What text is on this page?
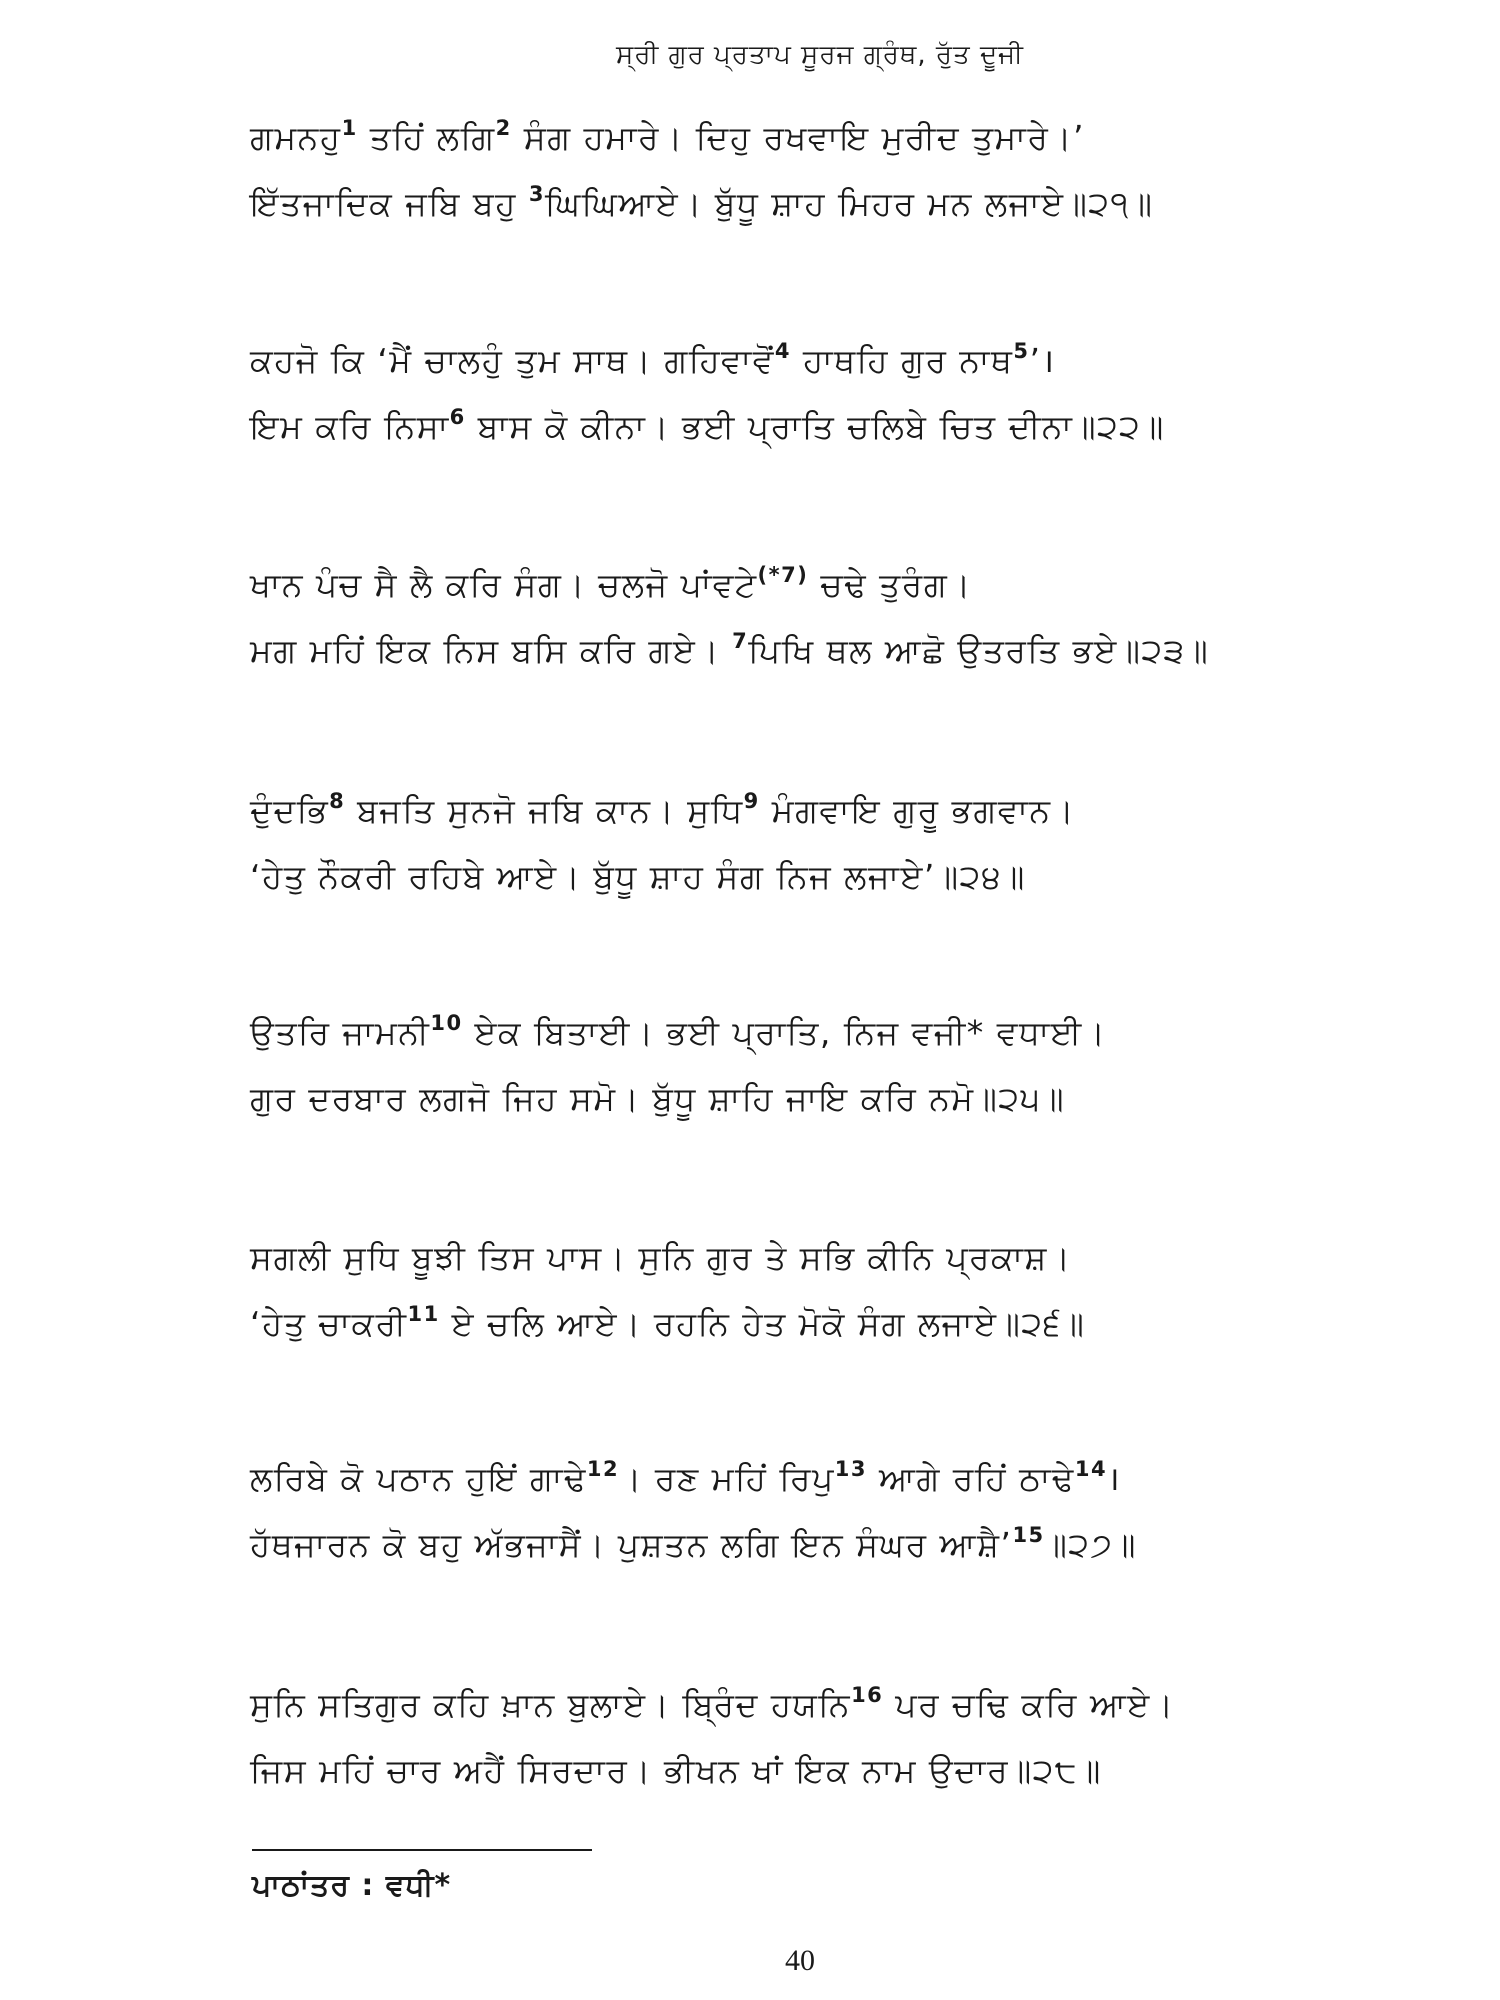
ਸ੍ਰੀ ਗੁਰ ਪ੍ਰਤਾਪ ਸੂਰਜ ਗ੍ਰੰਥ, ਰੁੱਤ ਦੂਜੀ
ਗਮਨਹੁ$^1$ ਤਹਿਂ ਲਗਿ$^2$ ਸੰਗ ਹਮਾਰੇ। ਦਿਹੁ ਰਖਵਾਇ ਮੁਰੀਦ ਤੁਮਾਰੇ।’
ਇੱਤਜਾਦਿਕ ਜਬਿ ਬਹੁ $^3$ਘਿਘਿਆਏ। ਬੁੱਧੂ ਸ਼ਾਹ ਮਿਹਰ ਮਨ ਲਜਾਏ॥੨੧॥
ਕਹਜੋ ਕਿ ‘ਮੈਂ ਚਾਲਹੁੰ ਤੁਮ ਸਾਥ। ਗਹਿਵਾਵੋਂ$^4$ ਹਾਥਹਿ ਗੁਰ ਨਾਥ$^5$’।
ਇਮ ਕਰਿ ਨਿਸਾ$^6$ ਬਾਸ ਕੋ ਕੀਨਾ। ਭਈ ਪ੍ਰਾਤਿ ਚਲਿਬੇ ਚਿਤ ਦੀਨਾ॥੨੨॥
ਖਾਨ ਪੰਚ ਸੈ ਲੈ ਕਰਿ ਸੰਗ। ਚਲਜੋ ਪਾਂਵਟੇ$^{(*7)}$ ਚਢੇ ਤੁਰੰਗ।
ਮਗ ਮਹਿਂ ਇਕ ਨਿਸ ਬਸਿ ਕਰਿ ਗਏ। $^7$ਪਿਖਿ ਥਲ ਆਛੋ ਉਤਰਤਿ ਭਏ॥੨੩॥
ਦੁੰਦਭਿ$^8$ ਬਜਤਿ ਸੁਨਜੋ ਜਬਿ ਕਾਨ। ਸੁਧਿ$^9$ ਮੰਗਵਾਇ ਗੁਰੂ ਭਗਵਾਨ।
‘ਹੇਤੁ ਨੌਕਰੀ ਰਹਿਬੇ ਆਏ। ਬੁੱਧੂ ਸ਼ਾਹ ਸੰਗ ਨਿਜ ਲਜਾਏ’॥੨੪॥
ਉਤਰਿ ਜਾਮਨੀ$^{10}$ ਏਕ ਬਿਤਾਈ। ਭਈ ਪ੍ਰਾਤਿ, ਨਿਜ ਵਜੀ* ਵਧਾਈ।
ਗੁਰ ਦਰਬਾਰ ਲਗਜੋ ਜਿਹ ਸਮੋ। ਬੁੱਧੂ ਸ਼ਾਹਿ ਜਾਇ ਕਰਿ ਨਮੋ॥੨੫॥
ਸਗਲੀ ਸੁਧਿ ਬੂਝੀ ਤਿਸ ਪਾਸ। ਸੁਨਿ ਗੁਰ ਤੇ ਸਭਿ ਕੀਨਿ ਪ੍ਰਕਾਸ਼।
‘ਹੇਤੁ ਚਾਕਰੀ$^{11}$ ਏ ਚਲਿ ਆਏ। ਰਹਨਿ ਹੇਤ ਮੋਕੋ ਸੰਗ ਲਜਾਏ॥੨੬॥
ਲਰਿਬੇ ਕੋ ਪਠਾਨ ਹੁਇਂ ਗਾਢੇ$^{12}$। ਰਣ ਮਹਿਂ ਰਿਪੁ$^{13}$ ਆਗੇ ਰਹਿਂ ਠਾਢੇ$^{14}$।
ਹੱਥਜਾਰਨ ਕੋ ਬਹੁ ਅੱਭਜਾਸੈਂ। ਪੁਸ਼ਤਨ ਲਗਿ ਇਨ ਸੰਘਰ ਆਸ਼ੈ’$^{15}$॥੨੭॥
ਸੁਨਿ ਸਤਿਗੁਰ ਕਹਿ ਖ਼ਾਨ ਬੁਲਾਏ। ਬ੍ਰਿੰਦ ਹਯਨਿ$^{16}$ ਪਰ ਚਢਿ ਕਰਿ ਆਏ।
ਜਿਸ ਮਹਿਂ ਚਾਰ ਅਹੈਂ ਸਿਰਦਾਰ। ਭੀਖਨ ਖਾਂ ਇਕ ਨਾਮ ਉਦਾਰ॥੨੮॥
ਪਾਠਾਂਤਰ : ਵਧੀ*
40
